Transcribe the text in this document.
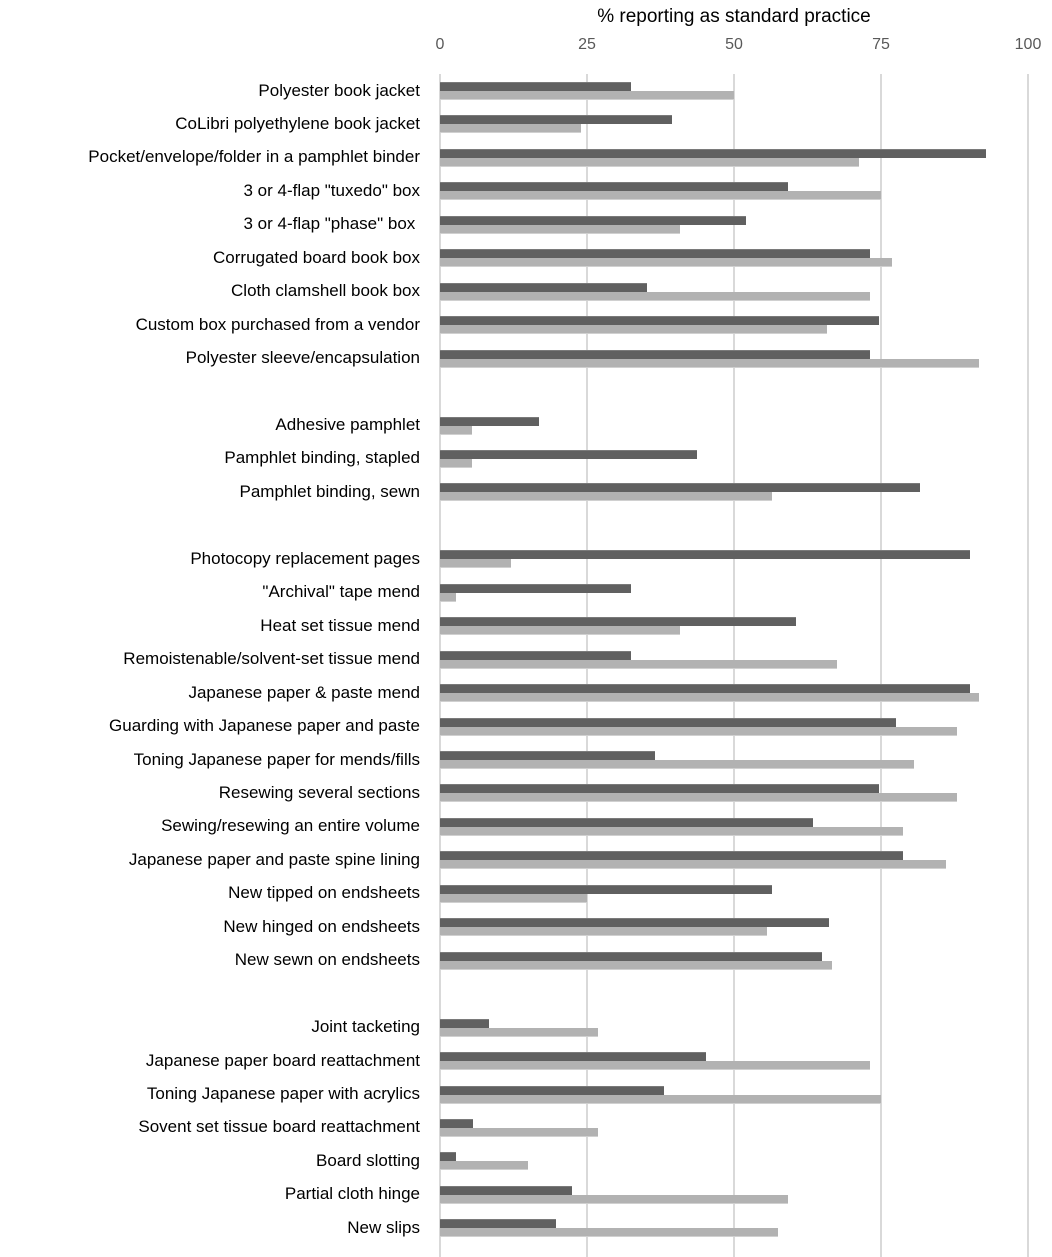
% reporting as standard practice
0	25	50	75	100
Polyester book jacket
CoLibri polyethylene book jacket
Pocket/envelope/folder in a pamphlet binder
3 or 4-flap "tuxedo" box
3 or 4-flap "phase" box
Corrugated board book box
Cloth clamshell book box
Custom box purchased from a vendor
Polyester sleeve/encapsulation
Adhesive pamphlet
Pamphlet binding, stapled
Pamphlet binding, sewn
Photocopy replacement pages
"Archival" tape mend
Heat set tissue mend
Remoistenable/solvent-set tissue mend
Japanese paper & paste mend
Guarding with Japanese paper and paste
Toning Japanese paper for mends/fills
Resewing several sections
Sewing/resewing an entire volume
Japanese paper and paste spine lining
New tipped on endsheets
New hinged on endsheets
New sewn on endsheets
Joint tacketing
Japanese paper board reattachment
Toning Japanese paper with acrylics
Sovent set tissue board reattachment
Board slotting
Partial cloth hinge
New slips
